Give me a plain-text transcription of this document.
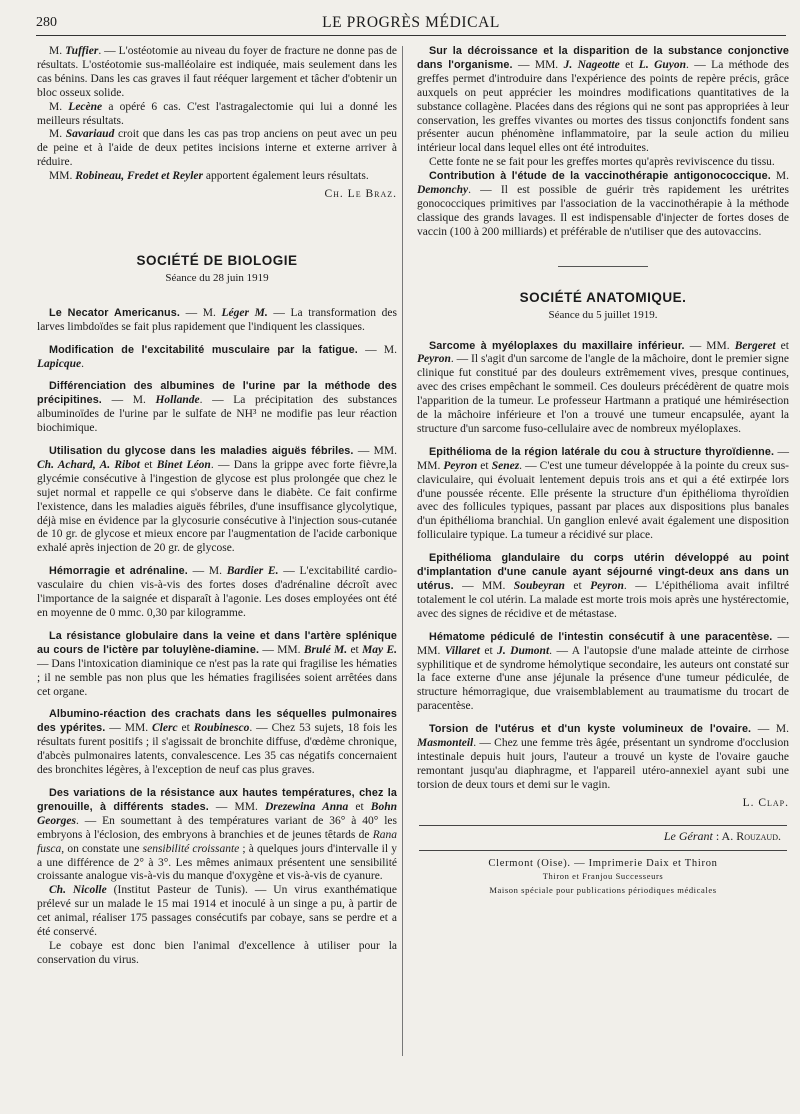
280	LE PROGRÈS MÉDICAL

M. Tuffier. — L'ostéotomie au niveau du foyer de fracture ne donne pas de résultats. L'ostéotomie sus-malléolaire est indiquée, mais seulement dans les cas bénins. Dans les cas graves il faut rééquer largement et tâcher d'obtenir un bloc osseux solide.

M. Lecène a opéré 6 cas. C'est l'astragalectomie qui lui a donné les meilleurs résultats.

M. Savariaud croit que dans les cas pas trop anciens on peut avec un peu de peine et à l'aide de deux petites incisions interne et externe arriver à réduire.

MM. Robineau, Fredet et Reyler apportent également leurs résultats.

Ch. Le Braz.
SOCIÉTÉ DE BIOLOGIE
Séance du 28 juin 1919

Le Necator Americanus. — M. Léger M. — La transformation des larves limbdoïdes se fait plus rapidement que l'indiquent les classiques.

Modification de l'excitabilité musculaire par la fatigue. — M. Lapicque.

Différenciation des albumines de l'urine par la méthode des précipitines. — M. Hollande. — La précipitation des substances albuminoïdes de l'urine par le sulfate de NH³ ne modifie pas leur réaction biochimique.

Utilisation du glycose dans les maladies aiguës fébriles. — MM. Ch. Achard, A. Ribot et Binet Léon. — Dans la grippe avec forte fièvre,la glycémie consécutive à l'ingestion de glycose est plus prolongée que chez le sujet normal et rappelle ce qui s'observe dans le diabète. Ce fait confirme l'existence, dans les maladies aiguës fébriles, d'une insuffisance glycolytique, déjà mise en évidence par la glycosurie consécutive à l'injection sous-cutanée de 10 gr. de glycose et mieux encore par l'augmentation de l'acide carbonique exhalé après injection de 20 gr. de glycose.

Hémorragie et adrénaline. — M. Bardier E. — L'excitabilité cardio-vasculaire du chien vis-à-vis des fortes doses d'adrénaline décroît avec l'importance de la saignée et disparaît à l'agonie. Les doses employées ont été en moyenne de 0 mmc. 0,30 par kilogramme.

La résistance globulaire dans la veine et dans l'artère splénique au cours de l'ictère par toluylène-diamine. — MM. Brulé M. et May E. — Dans l'intoxication diaminique ce n'est pas la rate qui fragilise les hématies ; il ne semble pas non plus que les hématies fragilisées soient arrêtées dans cet organe.

Albumino-réaction des crachats dans les séquelles pulmonaires des ypérites. — MM. Clerc et Roubinesco. — Chez 53 sujets, 18 fois les résultats furent positifs ; il s'agissait de bronchite diffuse, d'œdème chronique, d'abcès pulmonaires latents, convalescence. Les 35 cas négatifs concernaient des bronchites légères, à l'exception de neuf cas plus graves.

Des variations de la résistance aux hautes températures, chez la grenouille, à différents stades. — MM. Drezewina Anna et Bohn Georges. — En soumettant à des températures variant de 36° à 40° les embryons à l'éclosion, des embryons à branchies et de jeunes têtards de Rana fusca, on constate une sensibilité croissante ; à quelques jours d'intervalle il y a une différence de 2° à 3°. Les mêmes animaux présentent une sensibilité croissante analogue vis-à-vis du manque d'oxygène et vis-à-vis de cyanure.

Ch. Nicolle (Institut Pasteur de Tunis). — Un virus exanthématique prélevé sur un malade le 15 mai 1914 et inoculé à un singe a pu, à partir de cet animal, réaliser 175 passages consécutifs par cobaye, sans se perdre et a été conservé.

Le cobaye est donc bien l'animal d'excellence à utiliser pour la conservation du virus.

Sur la décroissance et la disparition de la substance conjonctive dans l'organisme. — MM. J. Nageotte et L. Guyon. — La méthode des greffes permet d'introduire dans l'expérience des points de repère précis, grâce auxquels on peut apprécier les moindres modifications quantitatives de la substance collagène. Placées dans des régions qui ne sont pas appropriées à leur conservation, les greffes vivantes ou mortes des tissus conjonctifs fondent sans présenter aucun phénomène inflammatoire, par la seule action du milieu intérieur local dans lequel elles ont été introduites.

Cette fonte ne se fait pour les greffes mortes qu'après reviviscence du tissu.

Contribution à l'étude de la vaccinothérapie antigonococcique. M. Demonchy. — Il est possible de guérir très rapidement les urétrites gonococciques primitives par l'association de la vaccinothérapie à la méthode classique des grands lavages. Il est indispensable d'injecter de fortes doses de vaccin (100 à 200 milliards) et préférable de n'utiliser que des autovaccins.

SOCIÉTÉ ANATOMIQUE.
Séance du 5 juillet 1919.

Sarcome à myéloplaxes du maxillaire inférieur. — MM. Bergeret et Peyron. — Il s'agit d'un sarcome de l'angle de la mâchoire, dont le premier signe clinique fut constitué par des douleurs extrêmement vives, presque continues, avec des crises empêchant le sommeil. Ces douleurs précédèrent de quatre mois l'apparition de la tumeur. Le professeur Hartmann a pratiqué une hémirésection de la mâchoire inférieure et l'on a trouvé une tumeur encapsulée, ayant la structure d'un sarcome fuso-cellulaire avec de nombreux myéloplaxes.

Epithélioma de la région latérale du cou à structure thyroïdienne. — MM. Peyron et Senez. — C'est une tumeur développée à la pointe du creux sus-claviculaire, qui évoluait lentement depuis trois ans et qui a été extirpée lors d'une poussée récente. Elle présente la structure d'un épithélioma thyroïdien avec des follicules typiques, passant par places aux dispositions plus banales d'un épithélioma branchial. Un ganglion enlevé avait également une disposition folliculaire typique. La tumeur a récidivé sur place.

Epithélioma glandulaire du corps utérin développé au point d'implantation d'une canule ayant séjourné vingt-deux ans dans un utérus. — MM. Soubeyran et Peyron. — L'épithélioma avait infiltré totalement le col utérin. La malade est morte trois mois après une hystérectomie, avec des signes de récidive et de métastase.

Hématome pédiculé de l'intestin consécutif à une paracentèse. — MM. Villaret et J. Dumont. — A l'autopsie d'une malade atteinte de cirrhose syphilitique et de syndrome hémolytique secondaire, les auteurs ont constaté sur la face externe d'une anse jéjunale la présence d'une tumeur pédiculée, de structure hémorragique, due vraisemblablement au traumatisme du trocart de paracentèse.

Torsion de l'utérus et d'un kyste volumineux de l'ovaire. — M. Masmonteil. — Chez une femme très âgée, présentant un syndrome d'occlusion intestinale depuis huit jours, l'auteur a trouvé un kyste de l'ovaire gauche remontant jusqu'au diaphragme, et l'appareil utéro-annexiel ayant subi une torsion de deux tours et demi sur le vagin.

L. Clap.
Le Gérant : A. Rouzaud.
Clermont (Oise). — Imprimerie Daix et Thiron
Thiron et Franjou Successeurs
Maison spéciale pour publications périodiques médicales
